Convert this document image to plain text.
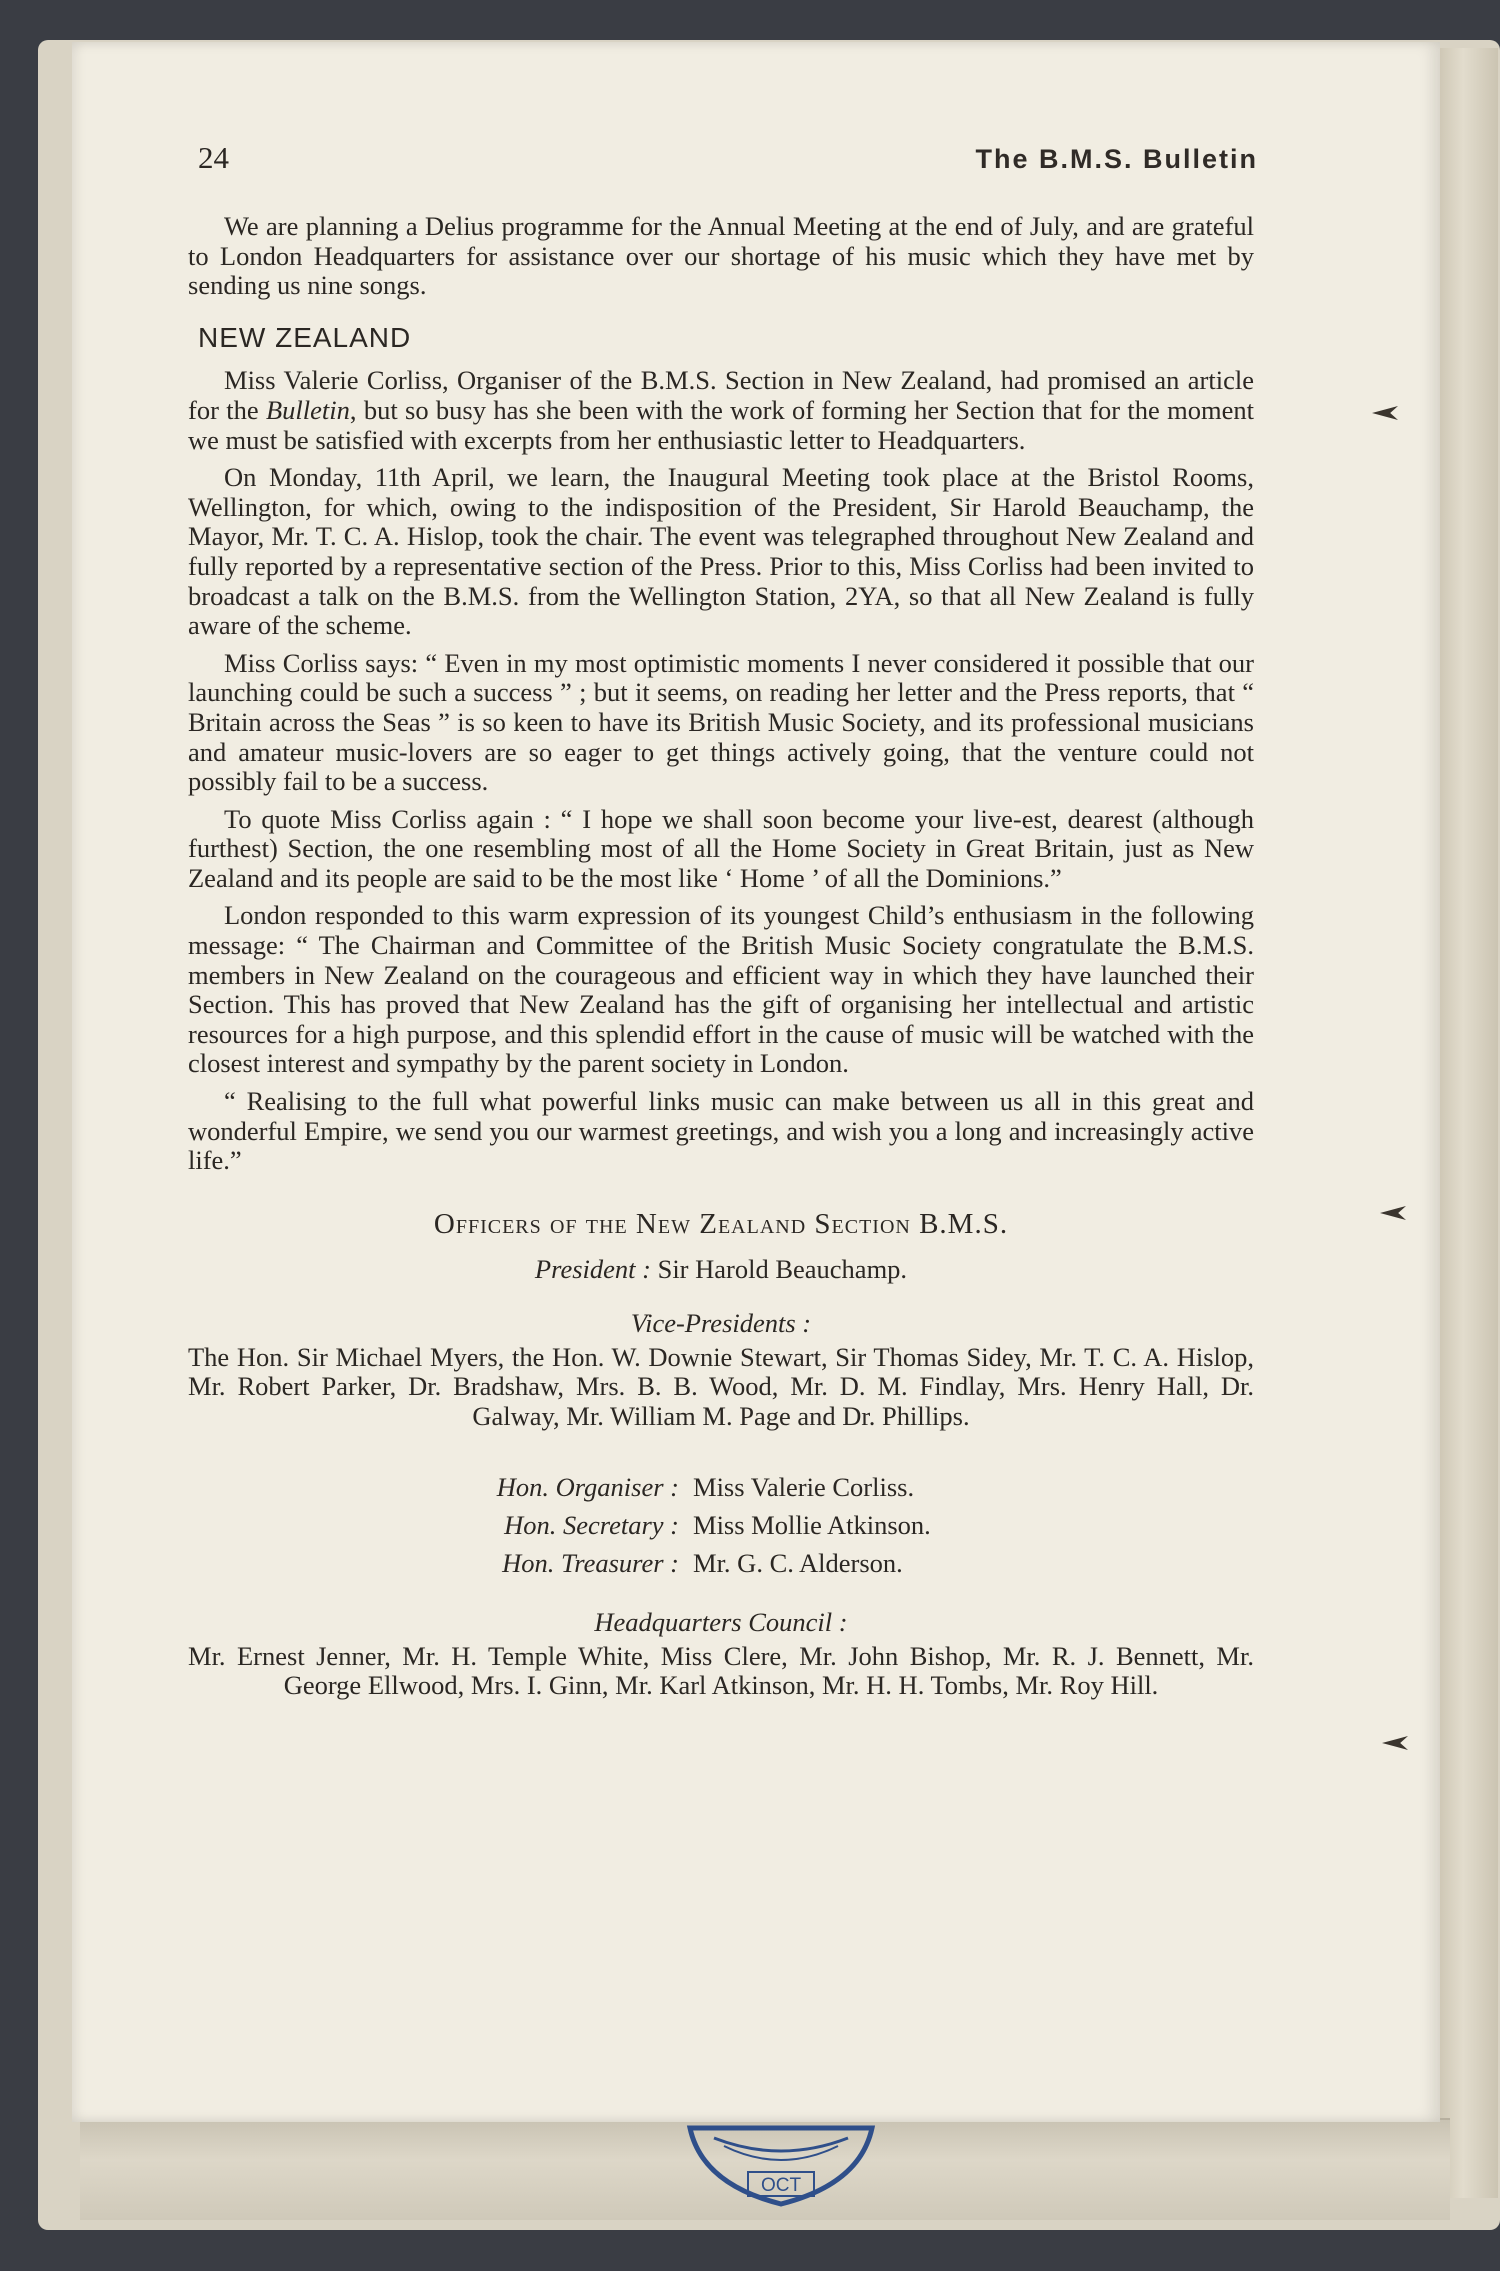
24	The B.M.S. Bulletin

We are planning a Delius programme for the Annual Meeting at the end of July, and are grateful to London Headquarters for assistance over our shortage of his music which they have met by sending us nine songs.

NEW ZEALAND

Miss Valerie Corliss, Organiser of the B.M.S. Section in New Zealand, had promised an article for the Bulletin, but so busy has she been with the work of forming her Section that for the moment we must be satisfied with excerpts from her enthusiastic letter to Headquarters.

On Monday, 11th April, we learn, the Inaugural Meeting took place at the Bristol Rooms, Wellington, for which, owing to the indisposition of the President, Sir Harold Beauchamp, the Mayor, Mr. T. C. A. Hislop, took the chair. The event was telegraphed throughout New Zealand and fully reported by a representative section of the Press. Prior to this, Miss Corliss had been invited to broadcast a talk on the B.M.S. from the Wellington Station, 2YA, so that all New Zealand is fully aware of the scheme.

Miss Corliss says: “ Even in my most optimistic moments I never considered it possible that our launching could be such a success ” ; but it seems, on reading her letter and the Press reports, that “ Britain across the Seas ” is so keen to have its British Music Society, and its professional musicians and amateur music-lovers are so eager to get things actively going, that the venture could not possibly fail to be a success.

To quote Miss Corliss again : “ I hope we shall soon become your live-est, dearest (although furthest) Section, the one resembling most of all the Home Society in Great Britain, just as New Zealand and its people are said to be the most like ‘ Home ’ of all the Dominions.”

London responded to this warm expression of its youngest Child’s enthusiasm in the following message: “ The Chairman and Committee of the British Music Society congratulate the B.M.S. members in New Zealand on the courageous and efficient way in which they have launched their Section. This has proved that New Zealand has the gift of organising her intellectual and artistic resources for a high purpose, and this splendid effort in the cause of music will be watched with the closest interest and sympathy by the parent society in London.

“ Realising to the full what powerful links music can make between us all in this great and wonderful Empire, we send you our warmest greetings, and wish you a long and increasingly active life.”

Officers of the New Zealand Section B.M.S.
President : Sir Harold Beauchamp.
Vice-Presidents :

The Hon. Sir Michael Myers, the Hon. W. Downie Stewart, Sir Thomas Sidey, Mr. T. C. A. Hislop, Mr. Robert Parker, Dr. Bradshaw, Mrs. B. B. Wood, Mr. D. M. Findlay, Mrs. Henry Hall, Dr. Galway, Mr. William M. Page and Dr. Phillips.

Hon. Organiser : Miss Valerie Corliss.
Hon. Secretary : Miss Mollie Atkinson.
Hon. Treasurer : Mr. G. C. Alderson.
Headquarters Council :

Mr. Ernest Jenner, Mr. H. Temple White, Miss Clere, Mr. John Bishop, Mr. R. J. Bennett, Mr. George Ellwood, Mrs. I. Ginn, Mr. Karl Atkinson, Mr. H. H. Tombs, Mr. Roy Hill.

OCT
